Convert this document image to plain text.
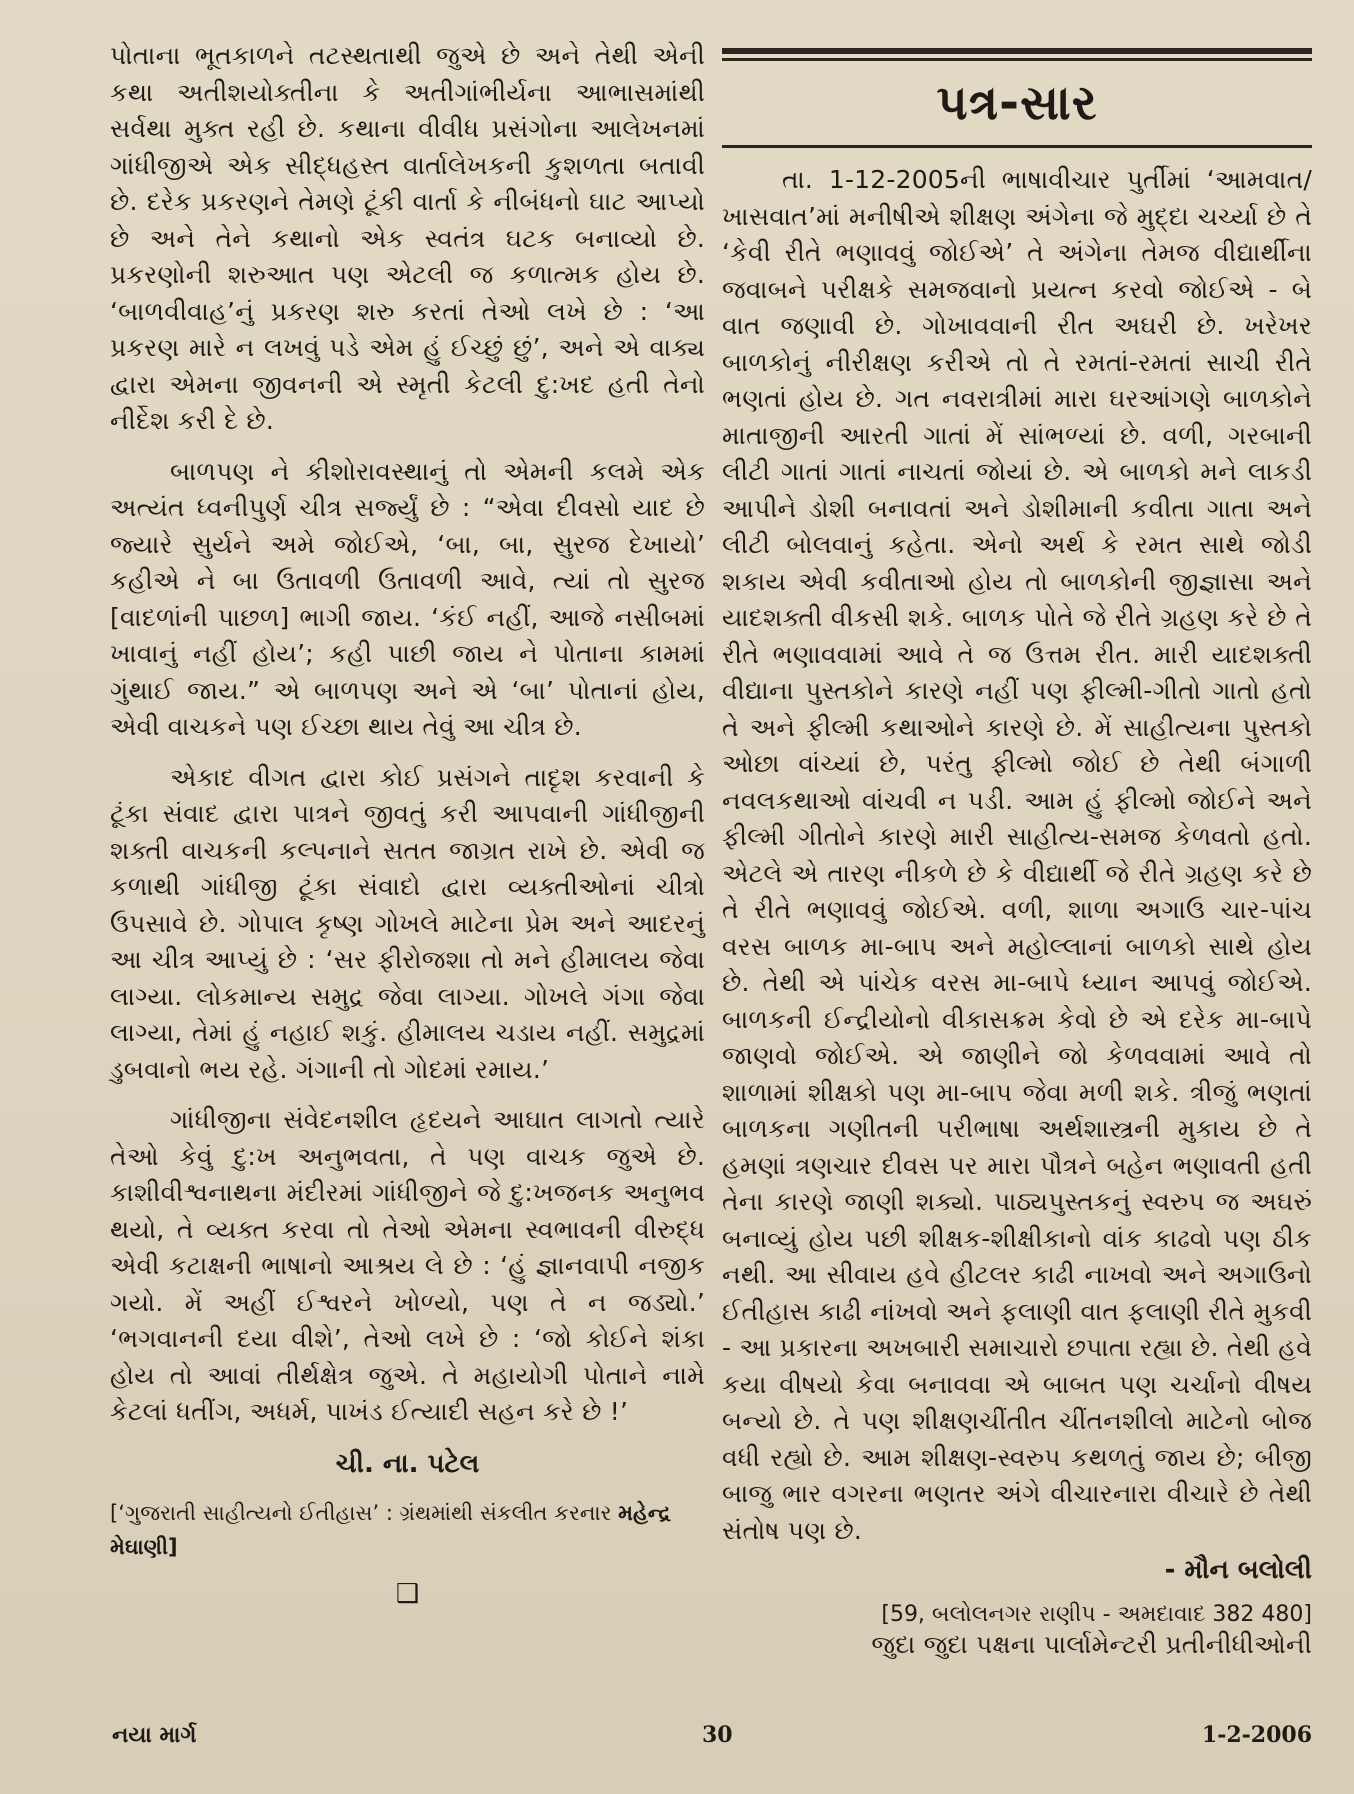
પોતાના ભૂતકાળને તટસ્થતાથી જુએ છે અને તેથી એની કથા અતીશયોક્તીના કે અતીગાંભીર્યના આભાસમાંથી સર્વથા મુક્ત રહી છે. કથાના વીવીધ પ્રસંગોના આલેખનમાં ગાંધીજીએ એક સીદ્ધહસ્ત વાર્તાલેખકની કુશળતા બતાવી છે. દરેક પ્રકરણને તેમણે ટૂંકી વાર્તા કે નીબંધનો ઘાટ આપ્યો છે અને તેને કથાનો એક સ્વતંત્ર ઘટક બનાવ્યો છે. પ્રકરણોની શરુઆત પણ એટલી જ કળાત્મક હોય છે. ‘બાળવીવાહ’નું પ્રકરણ શરુ કરતાં તેઓ લખે છે : ‘આ પ્રકરણ મારે ન લખવું પડે એમ હું ઈચ્છું છું’, અને એ વાક્ય દ્વારા એમના જીવનની એ સ્મૃતી કેટલી દુ:ખદ હતી તેનો નીર્દેશ કરી દે છે.

બાળપણ ને કીશોરાવસ્થાનું તો એમની કલમે એક અત્યંત ધ્વનીપુર્ણ ચીત્ર સર્જ્યું છે : “એવા દીવસો યાદ છે જ્યારે સુર્યને અમે જોઈએ, ‘બા, બા, સુરજ દેખાયો’ કહીએ ને બા ઉતાવળી ઉતાવળી આવે, ત્યાં તો સુરજ [વાદળાંની પાછળ] ભાગી જાય. ‘કંઈ નહીં, આજે નસીબમાં ખાવાનું નહીં હોય’; કહી પાછી જાય ને પોતાના કામમાં ગુંથાઈ જાય.” એ બાળપણ અને એ ‘બા’ પોતાનાં હોય, એવી વાચકને પણ ઈચ્છા થાય તેવું આ ચીત્ર છે.

એકાદ વીગત દ્વારા કોઈ પ્રસંગને તાદૃશ કરવાની કે ટૂંકા સંવાદ દ્વારા પાત્રને જીવતું કરી આપવાની ગાંધીજીની શક્તી વાચકની કલ્પનાને સતત જાગ્રત રાખે છે. એવી જ કળાથી ગાંધીજી ટૂંકા સંવાદો દ્વારા વ્યક્તીઓનાં ચીત્રો ઉપસાવે છે. ગોપાલ કૃષ્ણ ગોખલે માટેના પ્રેમ અને આદરનું આ ચીત્ર આપ્યું છે : ‘સર ફીરોજશા તો મને હીમાલય જેવા લાગ્યા. લોકમાન્ય સમુદ્ર જેવા લાગ્યા. ગોખલે ગંગા જેવા લાગ્યા, તેમાં હું નહાઈ શકું. હીમાલય ચડાય નહીં. સમુદ્રમાં ડુબવાનો ભય રહે. ગંગાની તો ગોદમાં રમાય.’

ગાંધીજીના સંવેદનશીલ હૃદયને આઘાત લાગતો ત્યારે તેઓ કેવું દુ:ખ અનુભવતા, તે પણ વાચક જુએ છે. કાશીવીશ્વનાથના મંદીરમાં ગાંધીજીને જે દુ:ખજનક અનુભવ થયો, તે વ્યક્ત કરવા તો તેઓ એમના સ્વભાવની વીરુદ્ધ એવી કટાક્ષની ભાષાનો આશ્રય લે છે : ‘હું જ્ઞાનવાપી નજીક ગયો. મેં અહીં ઈશ્વરને ખોળ્યો, પણ તે ન જડ્યો.’ ‘ભગવાનની દયા વીશે’, તેઓ લખે છે : ‘જો કોઈને શંકા હોય તો આવાં તીર્થક્ષેત્ર જુએ. તે મહાયોગી પોતાને નામે કેટલાં ધતીંગ, અધર્મ, પાખંડ ઈત્યાદી સહન કરે છે !’

ચી. ના. પટેલ

[‘ગુજરાતી સાહીત્યનો ઈતીહાસ’ : ગ્રંથમાંથી સંકલીત કરનાર મહેન્દ્ર મેઘાણી]

❑
પત્ર-સાર

તા. 1-12-2005ની ભાષાવીચાર પુર્તીમાં ‘આમવાત/ખાસવાત’માં મનીષીએ શીક્ષણ અંગેના જે મુદ્દા ચર્ચ્યા છે તે ‘કેવી રીતે ભણાવવું જોઈએ’ તે અંગેના તેમજ વીદ્યાર્થીના જવાબને પરીક્ષકે સમજવાનો પ્રયત્ન કરવો જોઈએ - બે વાત જણાવી છે. ગોખાવવાની રીત અઘરી છે. ખરેખર બાળકોનું નીરીક્ષણ કરીએ તો તે રમતાં-રમતાં સાચી રીતે ભણતાં હોય છે. ગત નવરાત્રીમાં મારા ઘરઆંગણે બાળકોને માતાજીની આરતી ગાતાં મેં સાંભળ્યાં છે. વળી, ગરબાની લીટી ગાતાં ગાતાં નાચતાં જોયાં છે. એ બાળકો મને લાકડી આપીને ડોશી બનાવતાં અને ડોશીમાની કવીતા ગાતા અને લીટી બોલવાનું કહેતા. એનો અર્થ કે રમત સાથે જોડી શકાય એવી કવીતાઓ હોય તો બાળકોની જીજ્ઞાસા અને યાદશક્તી વીકસી શકે. બાળક પોતે જે રીતે ગ્રહણ કરે છે તે રીતે ભણાવવામાં આવે તે જ ઉત્તમ રીત. મારી યાદશક્તી વીદ્યાના પુસ્તકોને કારણે નહીં પણ ફીલ્મી-ગીતો ગાતો હતો તે અને ફીલ્મી કથાઓને કારણે છે. મેં સાહીત્યના પુસ્તકો ઓછા વાંચ્યાં છે, પરંતુ ફીલ્મો જોઈ છે તેથી બંગાળી નવલકથાઓ વાંચવી ન પડી. આમ હું ફીલ્મો જોઈને અને ફીલ્મી ગીતોને કારણે મારી સાહીત્ય-સમજ કેળવતો હતો. એટલે એ તારણ નીકળે છે કે વીદ્યાર્થી જે રીતે ગ્રહણ કરે છે તે રીતે ભણાવવું જોઈએ. વળી, શાળા અગાઉ ચાર-પાંચ વરસ બાળક મા-બાપ અને મહોલ્લાનાં બાળકો સાથે હોય છે. તેથી એ પાંચેક વરસ મા-બાપે ધ્યાન આપવું જોઈએ. બાળકની ઈન્દ્રીયોનો વીકાસક્રમ કેવો છે એ દરેક મા-બાપે જાણવો જોઈએ. એ જાણીને જો કેળવવામાં આવે તો શાળામાં શીક્ષકો પણ મા-બાપ જેવા મળી શકે. ત્રીજું ભણતાં બાળકના ગણીતની પરીભાષા અર્થશાસ્ત્રની મુકાય છે તે હમણાં ત્રણચાર દીવસ પર મારા પૌત્રને બહેન ભણાવતી હતી તેના કારણે જાણી શક્યો. પાઠ્યપુસ્તકનું સ્વરુપ જ અઘરું બનાવ્યું હોય પછી શીક્ષક-શીક્ષીકાનો વાંક કાઢવો પણ ઠીક નથી. આ સીવાય હવે હીટલર કાઢી નાખવો અને અગાઉનો ઈતીહાસ કાઢી નાંખવો અને ફલાણી વાત ફલાણી રીતે મુકવી - આ પ્રકારના અખબારી સમાચારો છપાતા રહ્યા છે. તેથી હવે કયા વીષયો કેવા બનાવવા એ બાબત પણ ચર્ચાનો વીષય બન્યો છે. તે પણ શીક્ષણચીંતીત ચીંતનશીલો માટેનો બોજ વધી રહ્યો છે. આમ શીક્ષણ-સ્વરુપ કથળતું જાય છે; બીજી બાજુ ભાર વગરના ભણતર અંગે વીચારનારા વીચારે છે તેથી સંતોષ પણ છે.

- મૌન બલોલી
[59, બલોલનગર રાણીપ - અમદાવાદ 382 480]

જુદા જુદા પક્ષના પાર્લામેન્ટરી પ્રતીનીધીઓની

નયા માર્ગ	30	1-2-2006
